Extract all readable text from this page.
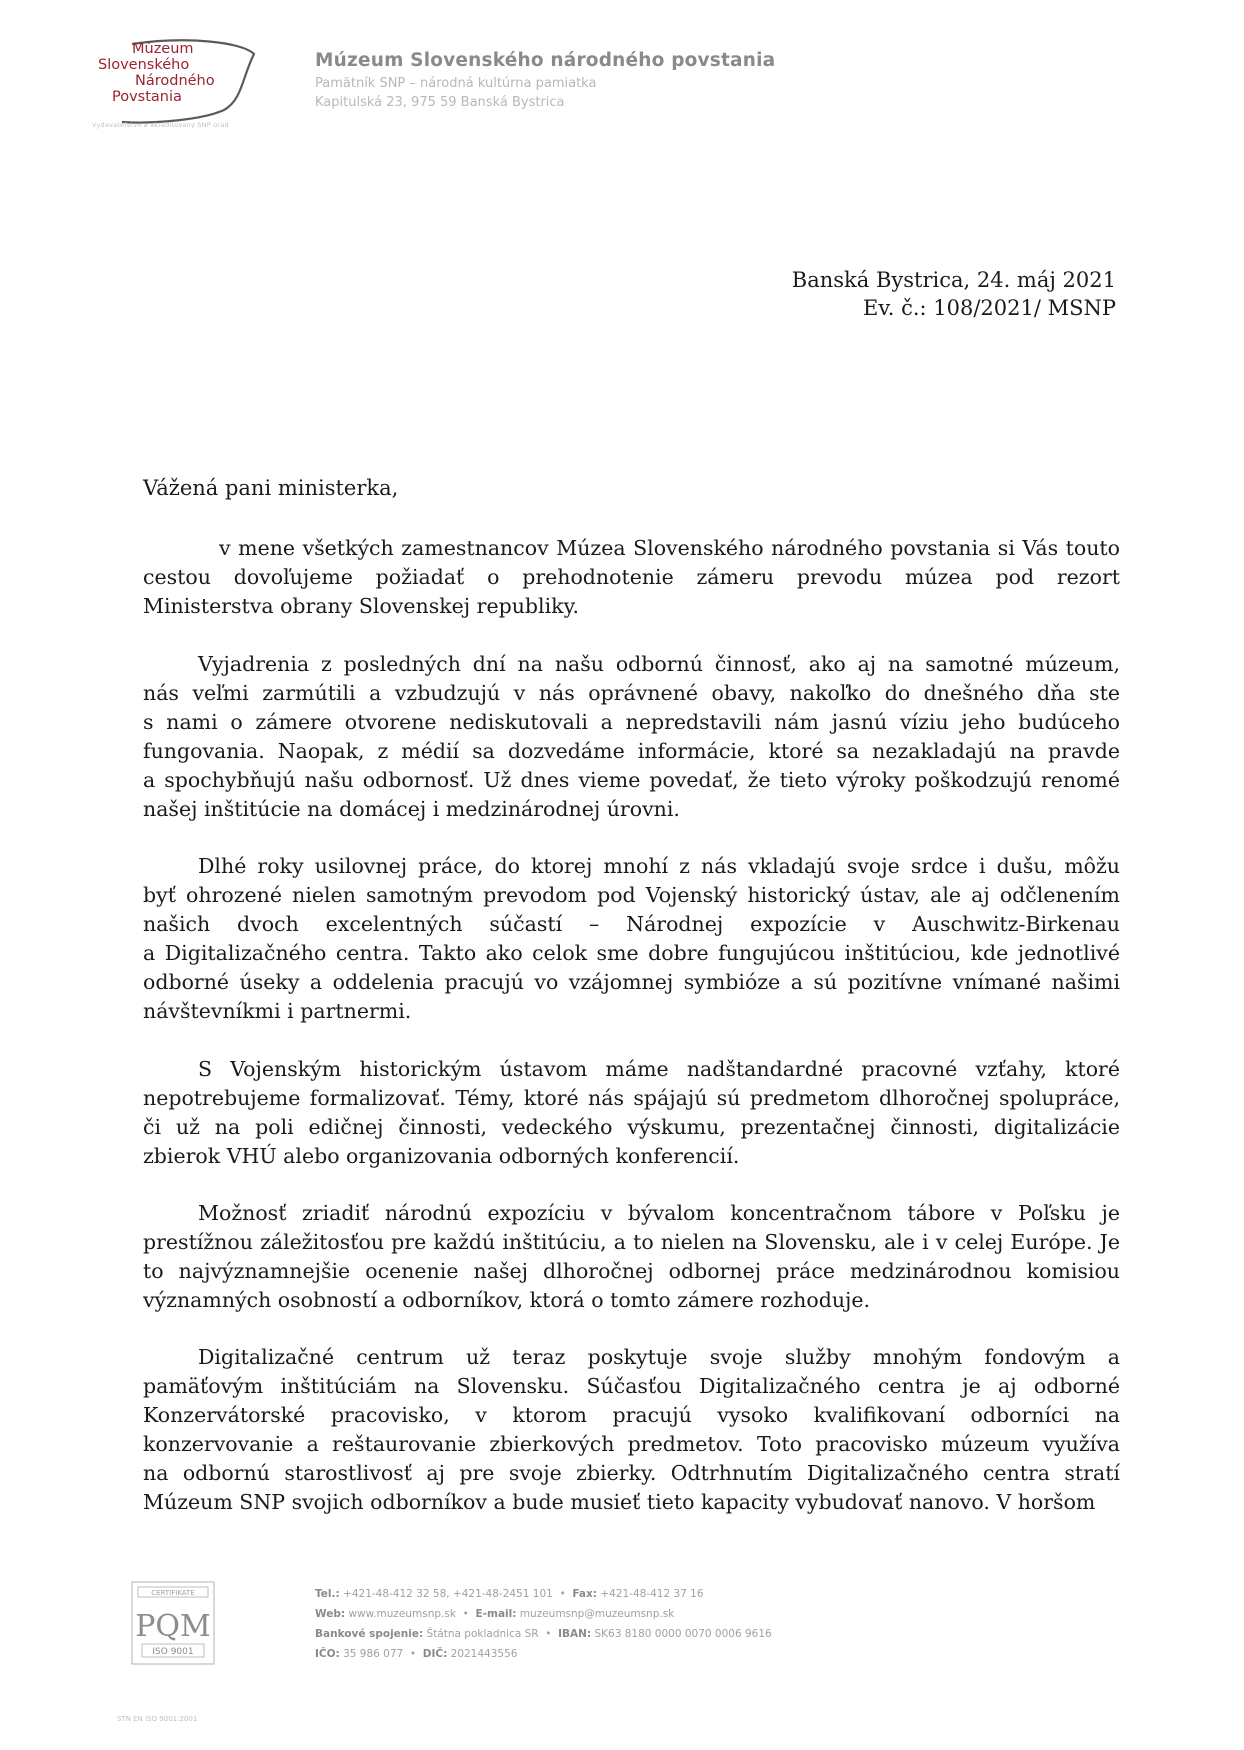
Múzeum
Slovenského
Národného
Povstania
Vydavateľstvo a akreditovaný SNP úrad
Múzeum Slovenského národného povstania
Pamätník SNP – národná kultúrna pamiatka
Kapitulská 23, 975 59 Banská Bystrica
Banská Bystrica, 24. máj 2021
Ev. č.: 108/2021/ MSNP
Vážená pani ministerka,
v mene všetkých zamestnancov Múzea Slovenského národného povstania si Vás touto
cestou dovoľujeme požiadať o prehodnotenie zámeru prevodu múzea pod rezort
Ministerstva obrany Slovenskej republiky.
Vyjadrenia z posledných dní na našu odbornú činnosť, ako aj na samotné múzeum,
nás veľmi zarmútili a vzbudzujú v nás oprávnené obavy, nakoľko do dnešného dňa ste
s nami o zámere otvorene nediskutovali a nepredstavili nám jasnú víziu jeho budúceho
fungovania. Naopak, z médií sa dozvedáme informácie, ktoré sa nezakladajú na pravde
a spochybňujú našu odbornosť. Už dnes vieme povedať, že tieto výroky poškodzujú renomé
našej inštitúcie na domácej i medzinárodnej úrovni.
Dlhé roky usilovnej práce, do ktorej mnohí z nás vkladajú svoje srdce i dušu, môžu
byť ohrozené nielen samotným prevodom pod Vojenský historický ústav, ale aj odčlenením
našich dvoch excelentných súčastí – Národnej expozície v Auschwitz-Birkenau
a Digitalizačného centra. Takto ako celok sme dobre fungujúcou inštitúciou, kde jednotlivé
odborné úseky a oddelenia pracujú vo vzájomnej symbióze a sú pozitívne vnímané našimi
návštevníkmi i partnermi.
S Vojenským historickým ústavom máme nadštandardné pracovné vzťahy, ktoré
nepotrebujeme formalizovať. Témy, ktoré nás spájajú sú predmetom dlhoročnej spolupráce,
či už na poli edičnej činnosti, vedeckého výskumu, prezentačnej činnosti, digitalizácie
zbierok VHÚ alebo organizovania odborných konferencií.
Možnosť zriadiť národnú expozíciu v bývalom koncentračnom tábore v Poľsku je
prestížnou záležitosťou pre každú inštitúciu, a to nielen na Slovensku, ale i v celej Európe. Je
to najvýznamnejšie ocenenie našej dlhoročnej odbornej práce medzinárodnou komisiou
významných osobností a odborníkov, ktorá o tomto zámere rozhoduje.
Digitalizačné centrum už teraz poskytuje svoje služby mnohým fondovým a
pamäťovým inštitúciám na Slovensku. Súčasťou Digitalizačného centra je aj odborné
Konzervátorské pracovisko, v ktorom pracujú vysoko kvalifikovaní odborníci na
konzervovanie a reštaurovanie zbierkových predmetov. Toto pracovisko múzeum využíva
na odbornú starostlivosť aj pre svoje zbierky. Odtrhnutím Digitalizačného centra stratí
Múzeum SNP svojich odborníkov a bude musieť tieto kapacity vybudovať nanovo. V horšom
CERTIFIKATE
PQM
ISO 9001
STN EN ISO 9001:2001
Tel.: +421-48-412 32 58, +421-48-2451 101  •  Fax: +421-48-412 37 16
Web: www.muzeumsnp.sk  •  E-mail: muzeumsnp@muzeumsnp.sk
Bankové spojenie: Štátna pokladnica SR  •  IBAN: SK63 8180 0000 0070 0006 9616
IČO: 35 986 077  •  DIČ: 2021443556
